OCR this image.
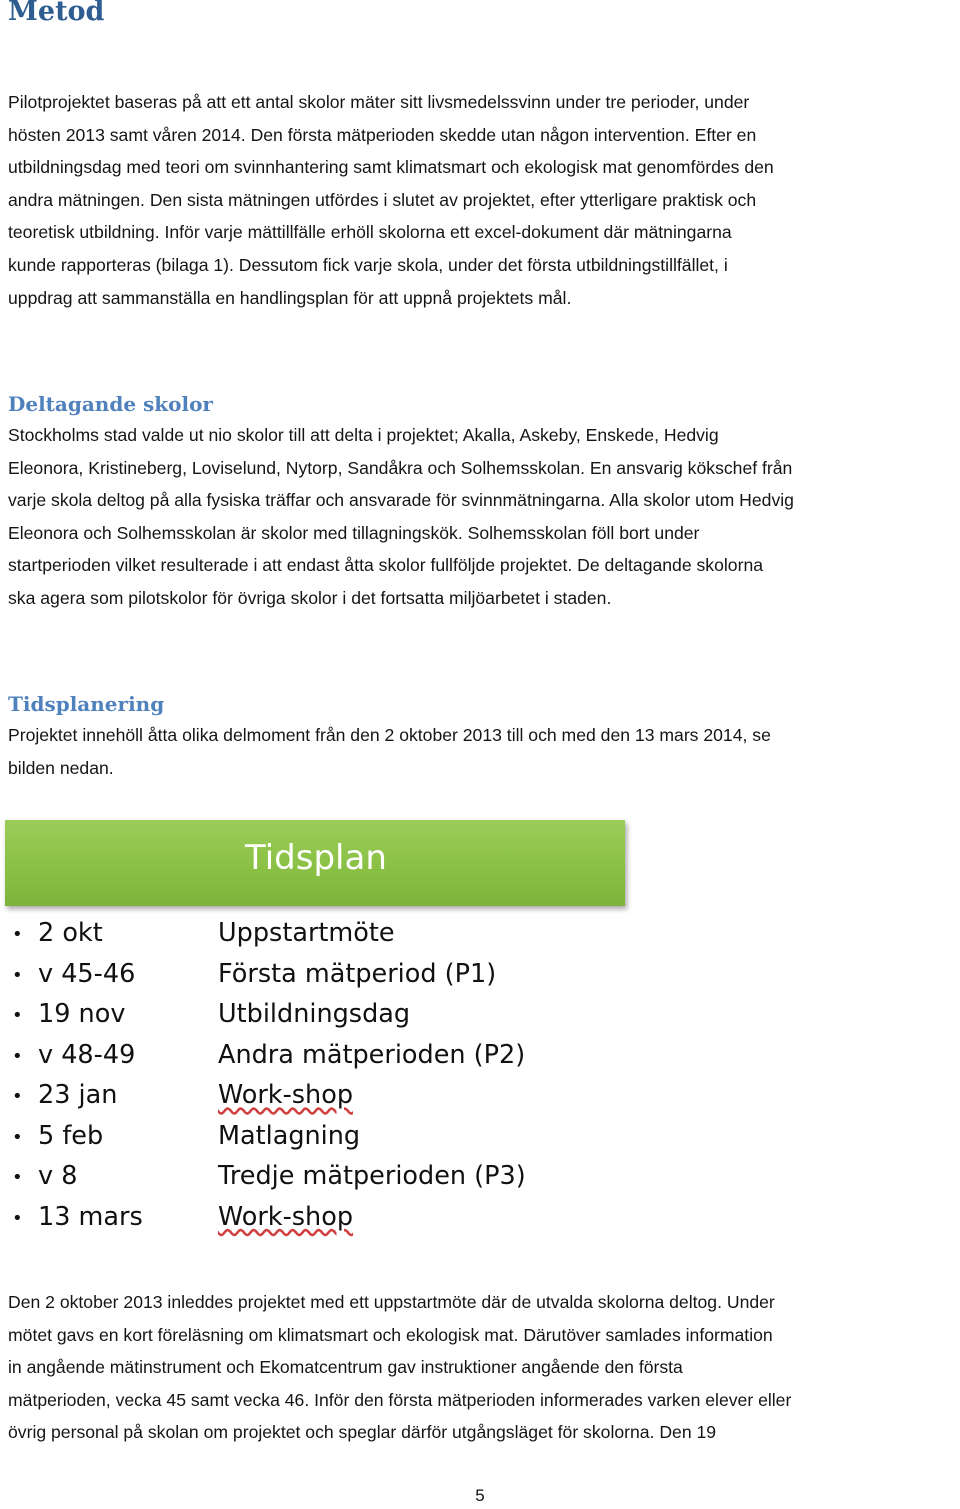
Metod

Pilotprojektet baseras på att ett antal skolor mäter sitt livsmedelssvinn under tre perioder, under
hösten 2013 samt våren 2014. Den första mätperioden skedde utan någon intervention. Efter en
utbildningsdag med teori om svinnhantering samt klimatsmart och ekologisk mat genomfördes den
andra mätningen. Den sista mätningen utfördes i slutet av projektet, efter ytterligare praktisk och
teoretisk utbildning. Inför varje mättillfälle erhöll skolorna ett excel-dokument där mätningarna
kunde rapporteras (bilaga 1). Dessutom fick varje skola, under det första utbildningstillfället, i
uppdrag att sammanställa en handlingsplan för att uppnå projektets mål.

Deltagande skolor

Stockholms stad valde ut nio skolor till att delta i projektet; Akalla, Askeby, Enskede, Hedvig
Eleonora, Kristineberg, Loviselund, Nytorp, Sandåkra och Solhemsskolan. En ansvarig kökschef från
varje skola deltog på alla fysiska träffar och ansvarade för svinnmätningarna. Alla skolor utom Hedvig
Eleonora och Solhemsskolan är skolor med tillagningskök. Solhemsskolan föll bort under
startperioden vilket resulterade i att endast åtta skolor fullföljde projektet. De deltagande skolorna
ska agera som pilotskolor för övriga skolor i det fortsatta miljöarbetet i staden.

Tidsplanering

Projektet innehöll åtta olika delmoment från den 2 oktober 2013 till och med den 13 mars 2014, se
bilden nedan.

Tidsplan
• 2 okt	Uppstartmöte
• v 45-46	Första mätperiod (P1)
• 19 nov	Utbildningsdag
• v 48-49	Andra mätperioden (P2)
• 23 jan	Work-shop
• 5 feb	Matlagning
• v 8	Tredje mätperioden (P3)
• 13 mars	Work-shop

Den 2 oktober 2013 inleddes projektet med ett uppstartmöte där de utvalda skolorna deltog. Under
mötet gavs en kort föreläsning om klimatsmart och ekologisk mat. Därutöver samlades information
in angående mätinstrument och Ekomatcentrum gav instruktioner angående den första
mätperioden, vecka 45 samt vecka 46. Inför den första mätperioden informerades varken elever eller
övrig personal på skolan om projektet och speglar därför utgångsläget för skolorna. Den 19

5
